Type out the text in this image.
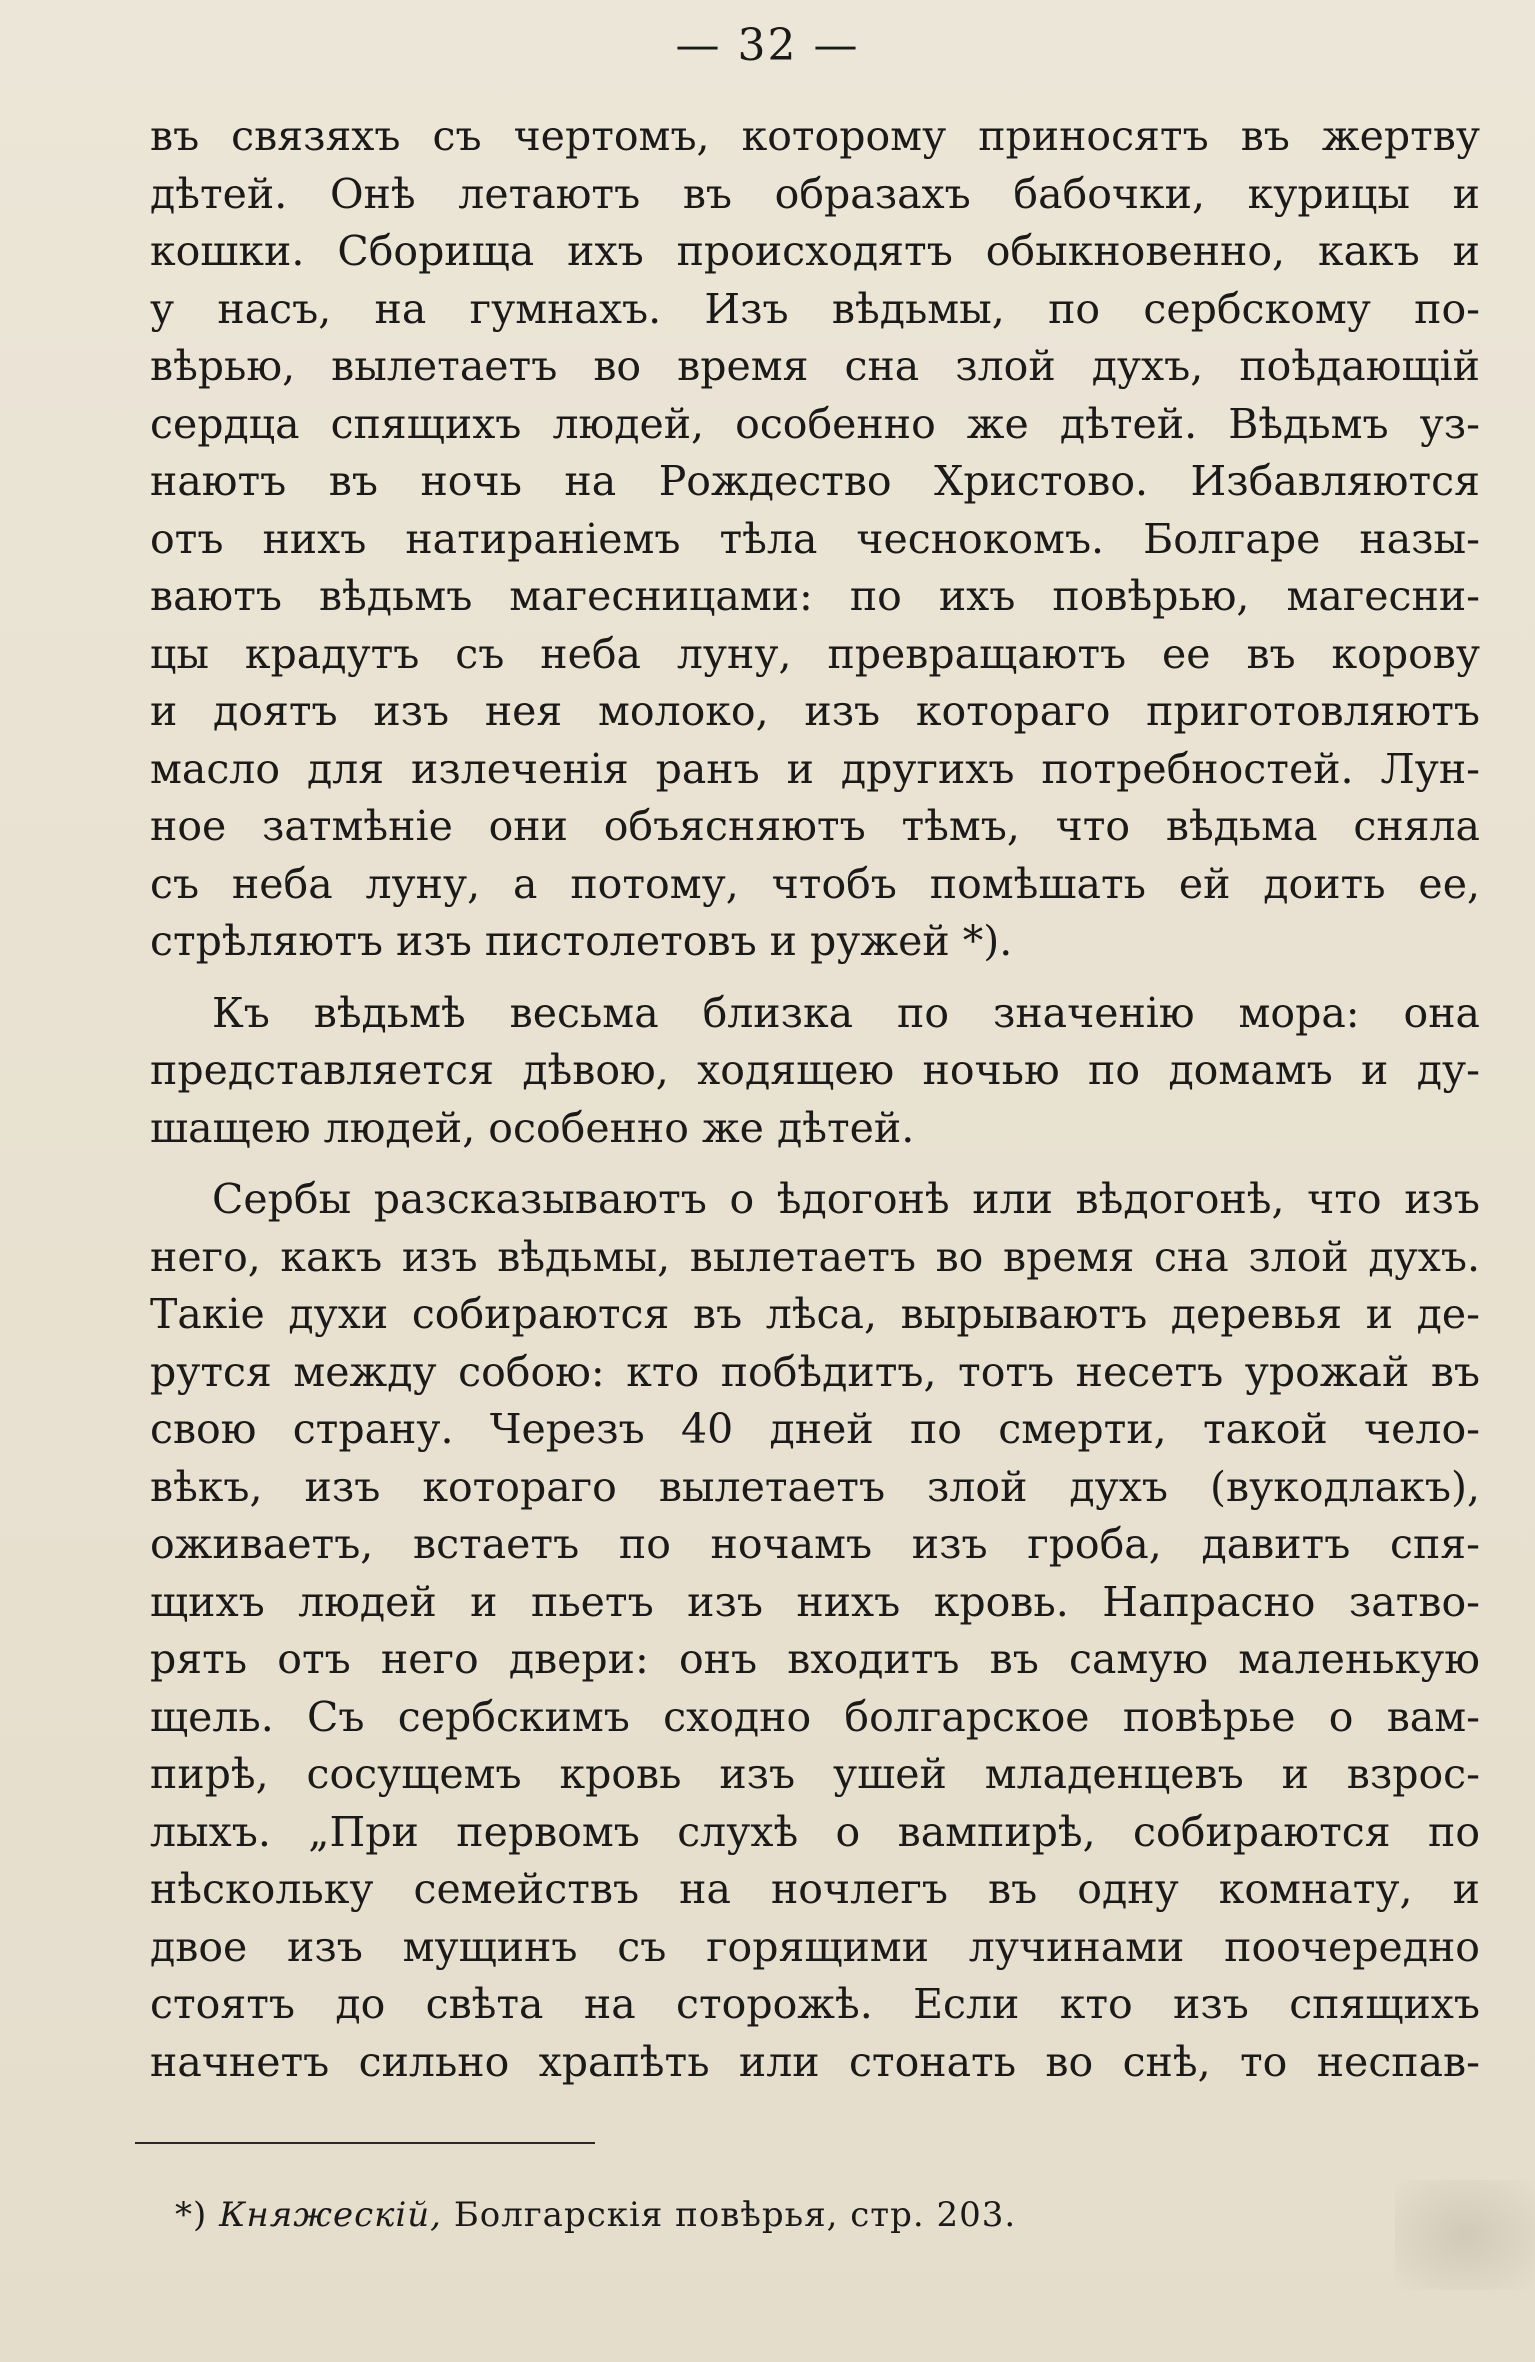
— 32 —
въ связяхъ съ чертомъ, которому приносятъ въ жертву
дѣтей. Онѣ летаютъ въ образахъ бабочки, курицы и
кошки. Сборища ихъ происходятъ обыкновенно, какъ и
у насъ, на гумнахъ. Изъ вѣдьмы, по сербскому по-
вѣрью, вылетаетъ во время сна злой духъ, поѣдающій
сердца спящихъ людей, особенно же дѣтей. Вѣдьмъ уз-
наютъ въ ночь на Рождество Христово. Избавляются
отъ нихъ натираніемъ тѣла чеснокомъ. Болгаре назы-
ваютъ вѣдьмъ магесницами: по ихъ повѣрью, магесни-
цы крадутъ съ неба луну, превращаютъ ее въ корову
и доятъ изъ нея молоко, изъ котораго приготовляютъ
масло для излеченія ранъ и другихъ потребностей. Лун-
ное затмѣніе они объясняютъ тѣмъ, что вѣдьма сняла
съ неба луну, а потому, чтобъ помѣшать ей доить ее,
стрѣляютъ изъ пистолетовъ и ружей *).
Къ вѣдьмѣ весьма близка по значенію мора: она
представляется дѣвою, ходящею ночью по домамъ и ду-
шащею людей, особенно же дѣтей.
Сербы разсказываютъ о ѣдогонѣ или вѣдогонѣ, что изъ
него, какъ изъ вѣдьмы, вылетаетъ во время сна злой духъ.
Такіе духи собираются въ лѣса, вырываютъ деревья и де-
рутся между собою: кто побѣдитъ, тотъ несетъ урожай въ
свою страну. Черезъ 40 дней по смерти, такой чело-
вѣкъ, изъ котораго вылетаетъ злой духъ (вукодлакъ),
оживаетъ, встаетъ по ночамъ изъ гроба, давитъ спя-
щихъ людей и пьетъ изъ нихъ кровь. Напрасно затво-
рять отъ него двери: онъ входитъ въ самую маленькую
щель. Съ сербскимъ сходно болгарское повѣрье о вам-
пирѣ, сосущемъ кровь изъ ушей младенцевъ и взрос-
лыхъ. „При первомъ слухѣ о вампирѣ, собираются по
нѣскольку семействъ на ночлегъ въ одну комнату, и
двое изъ мущинъ съ горящими лучинами поочередно
стоятъ до свѣта на сторожѣ. Если кто изъ спящихъ
начнетъ сильно храпѣть или стонать во снѣ, то неспав-
*) Княжескій, Болгарскія повѣрья, стр. 203.
